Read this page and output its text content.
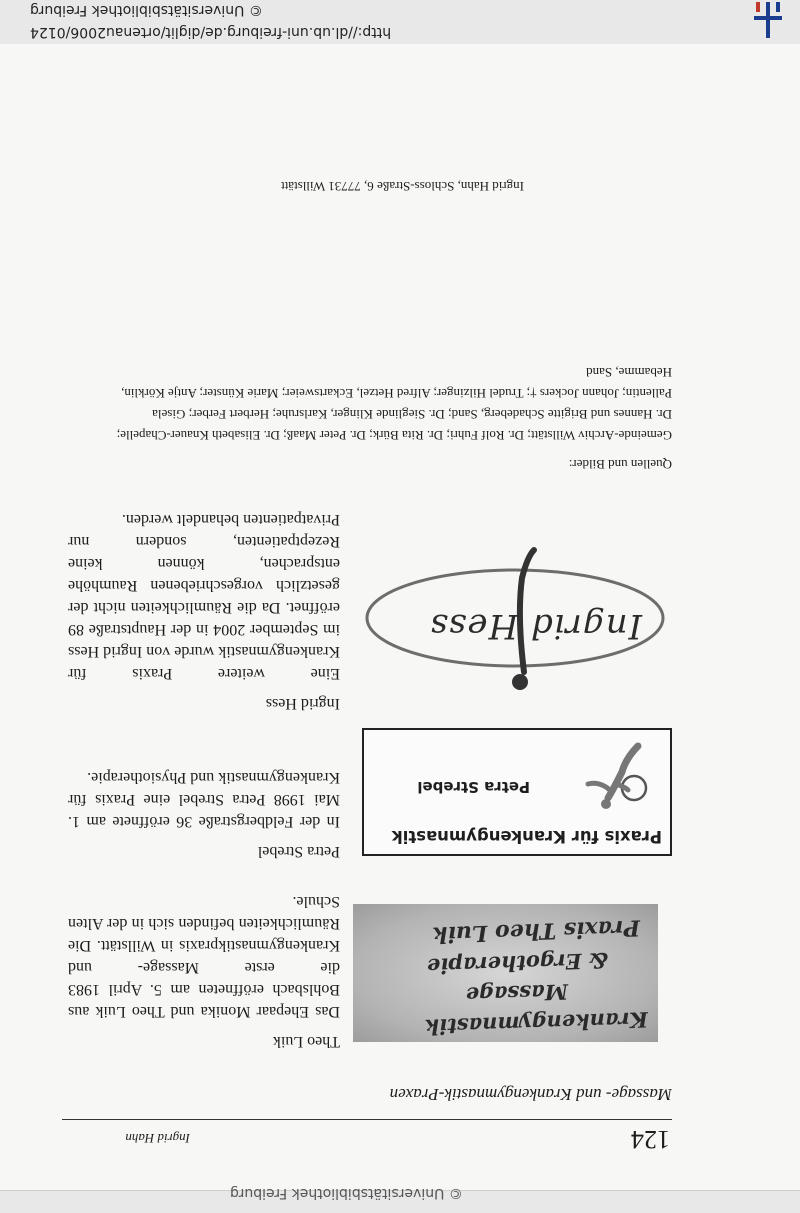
http://dl.ub.uni-freiburg.de/diglit/ortenau2006/0124
© Universitätsbibliothek Freiburg
124
Ingrid Hahn
Massage- und Krankengymnastik-Praxen
Krankengymnastik
Massage
& Ergotherapie
Praxis Theo Luik
Theo Luik
Das Ehepaar Monika und Theo Luik aus Bohlsbach eröffneten am 5. April 1983 die erste Massage- und Krankengymnastikpraxis in Willstätt. Die Räumlichkeiten befinden sich in der Alten Schule.
Praxis für Krankengymnastik
Petra Strebel
Petra Strebel
In der Feldbergstraße 36 eröffnete am 1. Mai 1998 Petra Strebel eine Praxis für Krankengymnastik und Physiotherapie.
Ingrid Hess
Eine weitere Praxis für Krankengymnastik wurde von Ingrid Hess im September 2004 in der Hauptstraße 89 eröffnet. Da die Räumlichkeiten nicht der gesetzlich vorgeschriebenen Raumhöhe entsprachen, können keine Rezeptpatienten, sondern nur Privatpatienten behandelt werden.
Ingrid Hess
Quellen und Bilder:
Gemeinde-Archiv Willstätt; Dr. Rolf Fuhri; Dr. Rita Bürk; Dr. Peter Maaß; Dr. Elisabeth Knauer-Chapelle; Dr. Hannes und Brigitte Schadeberg, Sand; Dr. Sieglinde Klinger, Karlsruhe; Herbert Ferber; Gisela Pallentin; Johann Jockers †; Trudel Hilzinger; Alfred Hetzel, Eckartsweier; Marie Künster; Antje Körklin, Hebamme, Sand
Ingrid Hahn, Schloss-Straße 6, 77731 Willstätt
© Universitätsbibliothek Freiburg
